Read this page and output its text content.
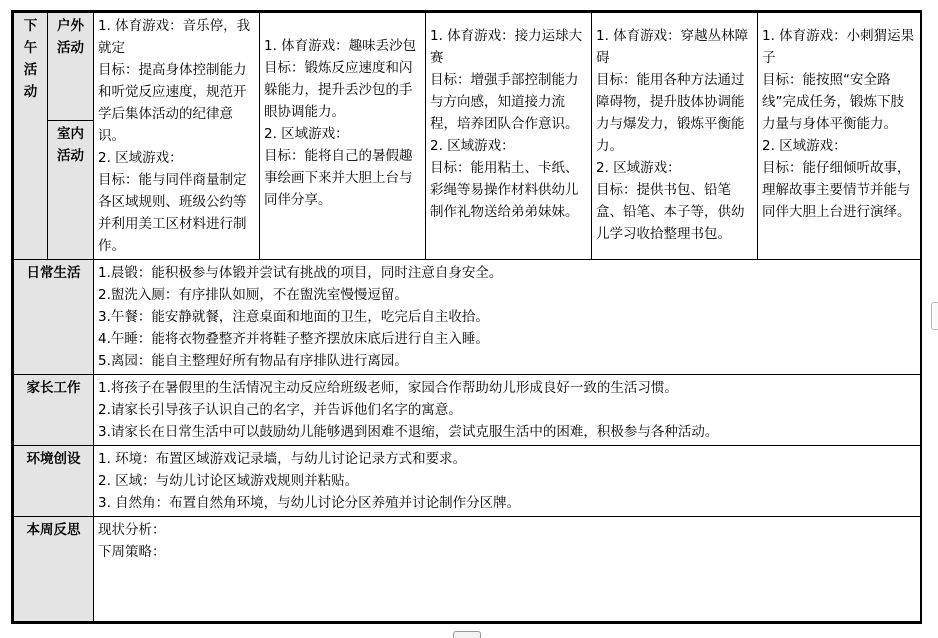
下午活动	户外活动	1. 体育游戏：音乐停，我就定
目标：提高身体控制能力和听觉反应速度，规范开学后集体活动的纪律意识。
2. 区域游戏：
目标：能与同伴商量制定各区域规则、班级公约等并利用美工区材料进行制作。	1. 体育游戏：趣味丢沙包
目标：锻炼反应速度和闪躲能力，提升丢沙包的手眼协调能力。
2. 区域游戏：
目标：能将自己的暑假趣事绘画下来并大胆上台与同伴分享。	1. 体育游戏：接力运球大赛
目标：增强手部控制能力与方向感，知道接力流程，培养团队合作意识。
2. 区域游戏：
目标：能用粘土、卡纸、彩绳等易操作材料供幼儿制作礼物送给弟弟妹妹。	1. 体育游戏：穿越丛林障碍
目标：能用各种方法通过障碍物，提升肢体协调能力与爆发力，锻炼平衡能力。
2. 区域游戏：
目标：提供书包、铅笔盒、铅笔、本子等，供幼儿学习收拾整理书包。	1. 体育游戏：小刺猬运果子
目标：能按照“安全路线”完成任务，锻炼下肢力量与身体平衡能力。
2. 区域游戏：
目标：能仔细倾听故事，理解故事主要情节并能与同伴大胆上台进行演绎。

	室内活动					

日常生活		1.晨锻：能积极参与体锻并尝试有挑战的项目，同时注意自身安全。
2.盥洗入厕：有序排队如厕，不在盥洗室慢慢逗留。
3.午餐：能安静就餐，注意桌面和地面的卫生，吃完后自主收拾。
4.午睡：能将衣物叠整齐并将鞋子整齐摆放床底后进行自主入睡。
5.离园：能自主整理好所有物品有序排队进行离园。				

家长工作		1.将孩子在暑假里的生活情况主动反应给班级老师，家园合作帮助幼儿形成良好一致的生活习惯。
2.请家长引导孩子认识自己的名字，并告诉他们名字的寓意。
3.请家长在日常生活中可以鼓励幼儿能够遇到困难不退缩，尝试克服生活中的困难，积极参与各种活动。				

环境创设		1. 环境：布置区域游戏记录墙，与幼儿讨论记录方式和要求。
2. 区域：与幼儿讨论区域游戏规则并粘贴。
3. 自然角：布置自然角环境，与幼儿讨论分区养殖并讨论制作分区牌。				

本周反思		现状分析：
下周策略：				
